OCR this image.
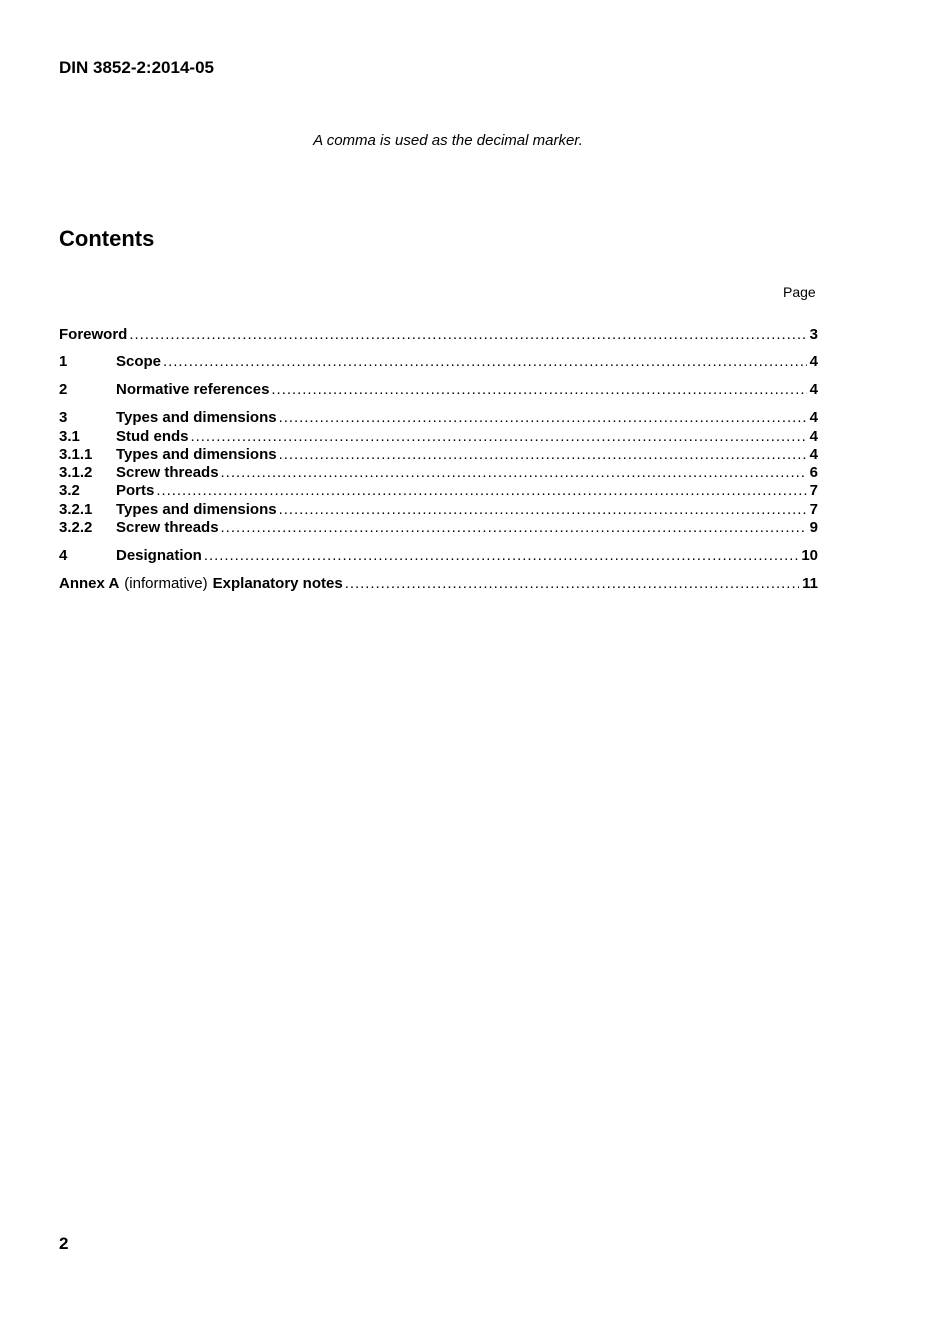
DIN 3852-2:2014-05
A comma is used as the decimal marker.
Contents
Page
Foreword . . .	3
1	Scope . . .	4
2	Normative references . . .	4
3	Types and dimensions . . .	4
3.1	Stud ends . . .	4
3.1.1	Types and dimensions . . .	4
3.1.2	Screw threads . . .	6
3.2	Ports . . .	7
3.2.1	Types and dimensions . . .	7
3.2.2	Screw threads . . .	9
4	Designation . . .	10
Annex A (informative) Explanatory notes . . .	11
2
